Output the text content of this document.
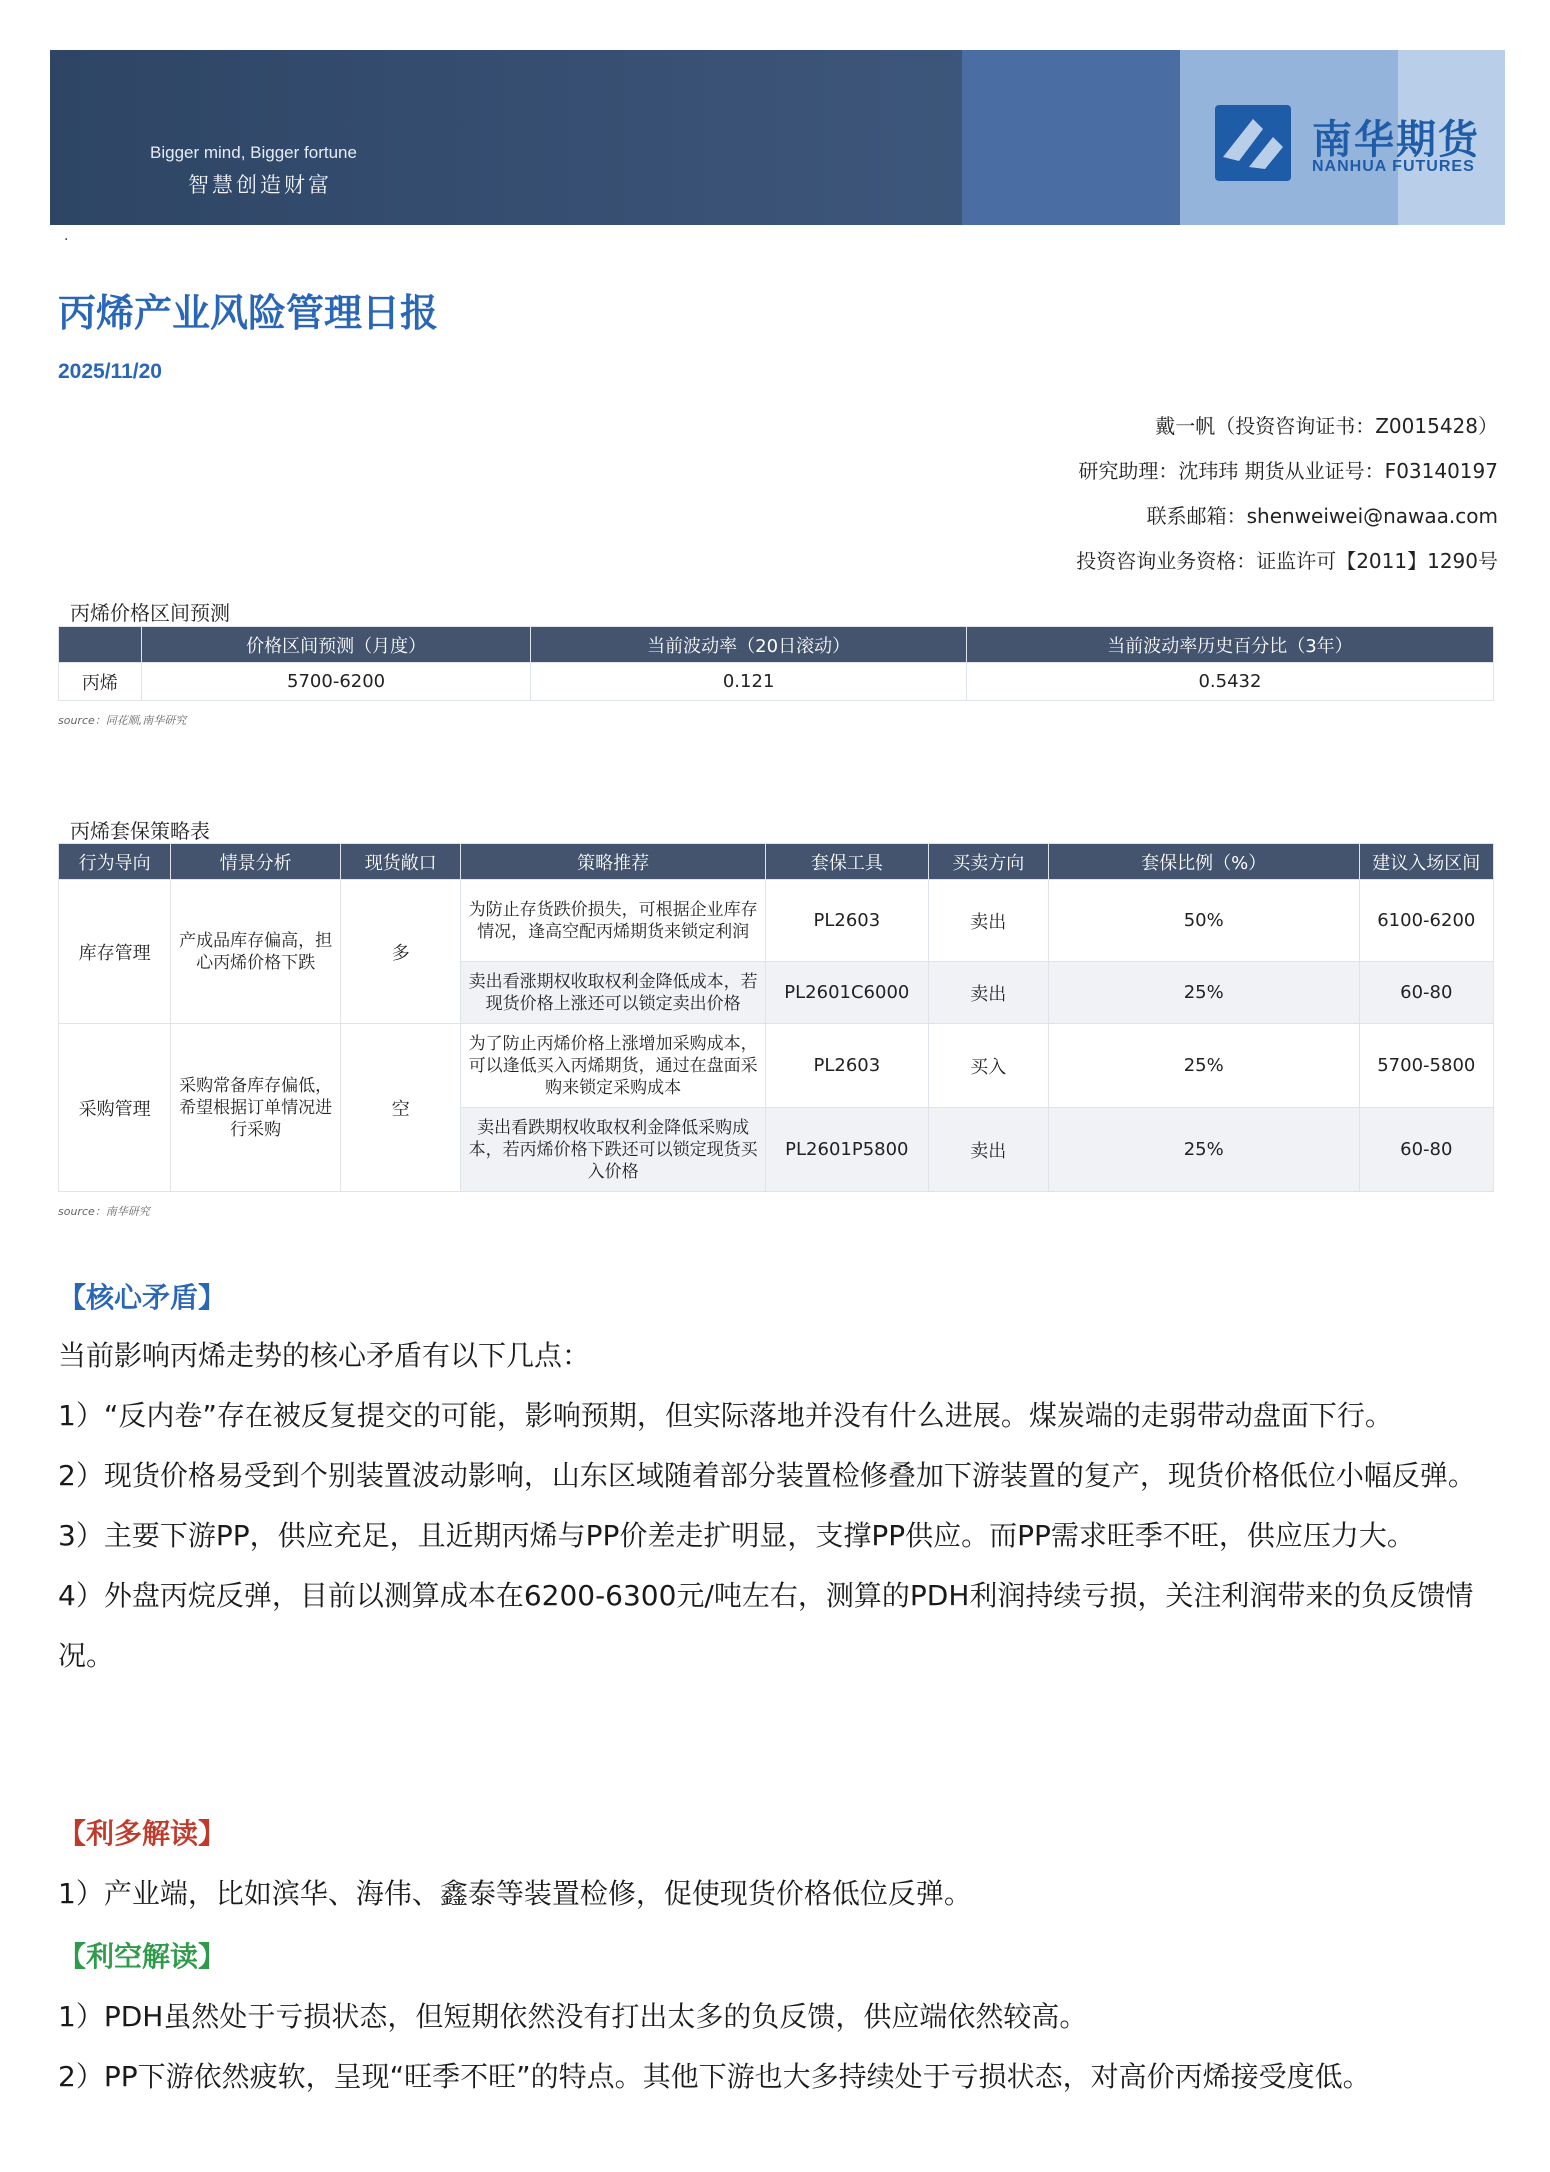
Bigger mind, Bigger fortune
智慧创造财富
南华期货
NANHUA FUTURES
.
丙烯产业风险管理日报
2025/11/20
戴一帆（投资咨询证书：Z0015428）
研究助理：沈玮玮 期货从业证号：F03140197
联系邮箱：shenweiwei@nawaa.com
投资咨询业务资格：证监许可【2011】1290号
丙烯价格区间预测
	价格区间预测（月度）	当前波动率（20日滚动）	当前波动率历史百分比（3年）
丙烯	5700-6200	0.121	0.5432
source：同花顺,南华研究
丙烯套保策略表
行为导向	情景分析	现货敞口	策略推荐	套保工具	买卖方向	套保比例（%）	建议入场区间
库存管理	产成品库存偏高，担心丙烯价格下跌	多	为防止存货跌价损失，可根据企业库存情况，逢高空配丙烯期货来锁定利润	PL2603	卖出	50%	6100-6200
			卖出看涨期权收取权利金降低成本，若现货价格上涨还可以锁定卖出价格	PL2601C6000	卖出	25%	60-80
采购管理	采购常备库存偏低，希望根据订单情况进行采购	空	为了防止丙烯价格上涨增加采购成本，可以逢低买入丙烯期货，通过在盘面采购来锁定采购成本	PL2603	买入	25%	5700-5800
			卖出看跌期权收取权利金降低采购成本，若丙烯价格下跌还可以锁定现货买入价格	PL2601P5800	卖出	25%	60-80
source：南华研究
【核心矛盾】
当前影响丙烯走势的核心矛盾有以下几点：
1）“反内卷”存在被反复提交的可能，影响预期，但实际落地并没有什么进展。煤炭端的走弱带动盘面下行。
2）现货价格易受到个别装置波动影响，山东区域随着部分装置检修叠加下游装置的复产，现货价格低位小幅反弹。
3）主要下游PP，供应充足，且近期丙烯与PP价差走扩明显，支撑PP供应。而PP需求旺季不旺，供应压力大。
4）外盘丙烷反弹，目前以测算成本在6200-6300元/吨左右，测算的PDH利润持续亏损，关注利润带来的负反馈情况。
【利多解读】
1）产业端，比如滨华、海伟、鑫泰等装置检修，促使现货价格低位反弹。
【利空解读】
1）PDH虽然处于亏损状态，但短期依然没有打出太多的负反馈，供应端依然较高。
2）PP下游依然疲软，呈现“旺季不旺”的特点。其他下游也大多持续处于亏损状态，对高价丙烯接受度低。
